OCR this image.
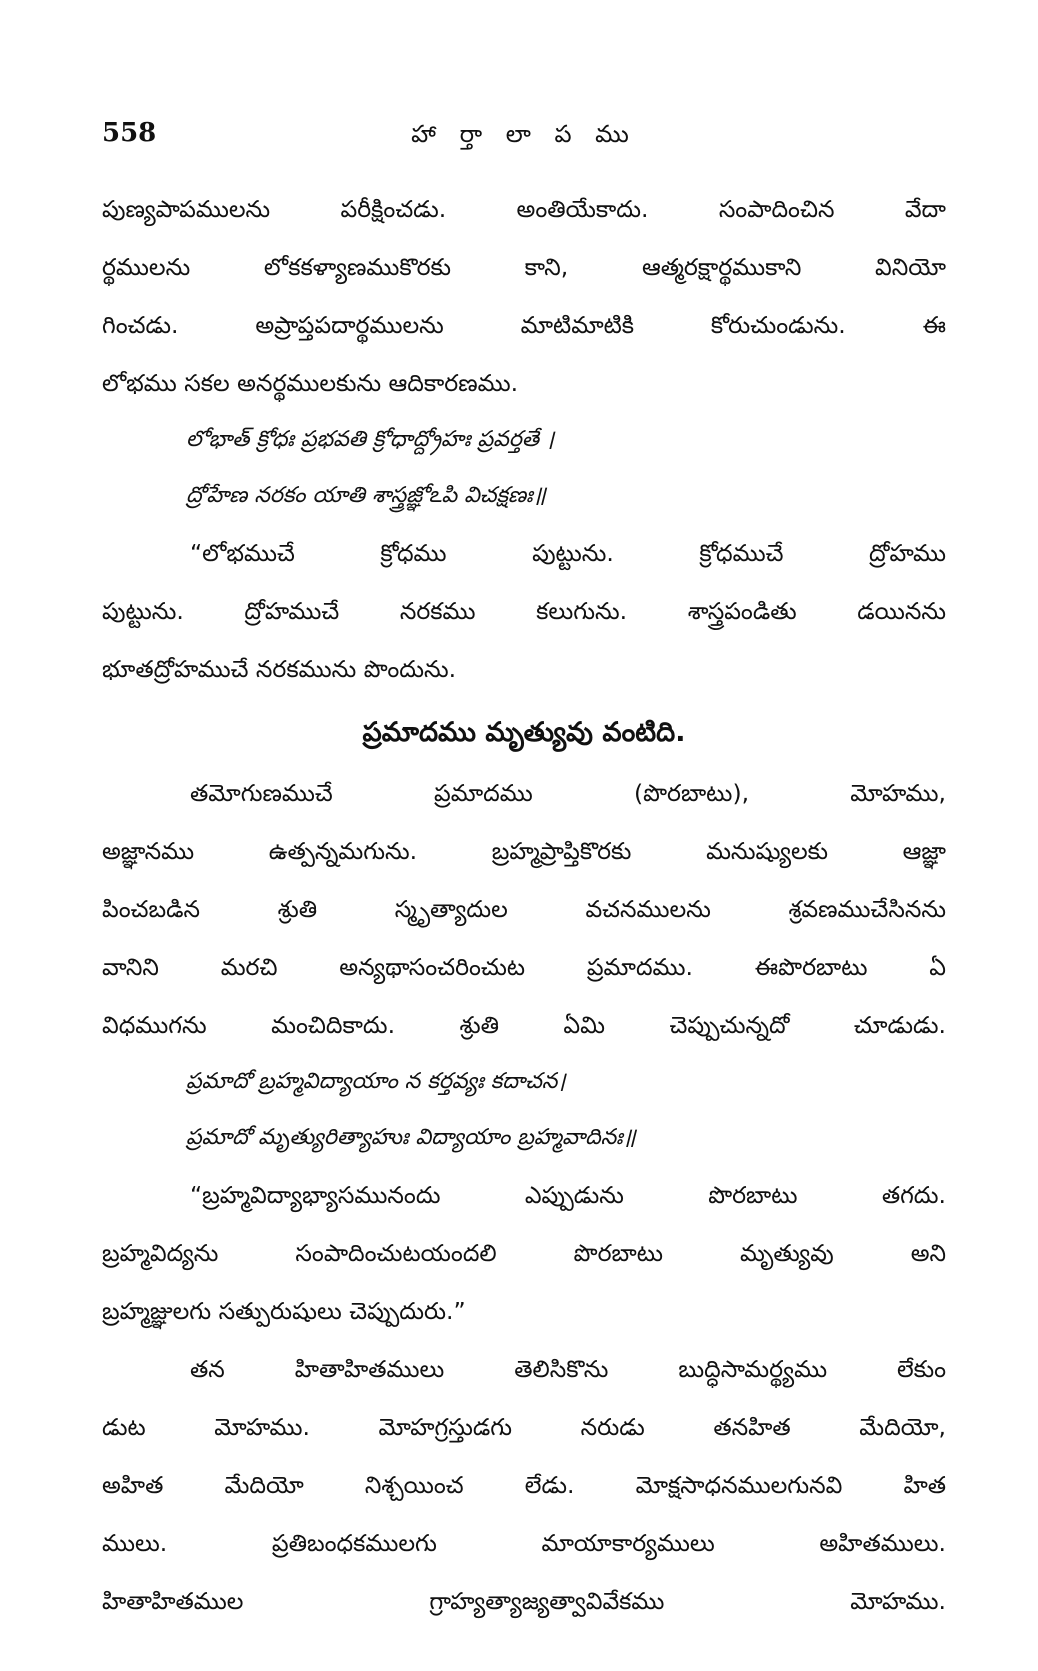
558	హా ర్తా లా ప ము

పుణ్యపాపములను పరీక్షించడు. అంతియేకాదు. సంపాదించిన వేదా
ర్థములను లోకకళ్యాణముకొరకు కాని, ఆత్మరక్షార్థముకాని వినియో
గించడు. అప్రాప్తపదార్థములను మాటిమాటికి కోరుచుండును. ఈ
లోభము సకల అనర్థములకును ఆదికారణము.

లోభాత్ క్రోధః ప్రభవతి క్రోధాద్ద్రోహః ప్రవర్తతే ।
ద్రోహేణ నరకం యాతి శాస్త్రజ్ఞోఽపి విచక్షణః॥

“లోభముచే క్రోధము పుట్టును. క్రోధముచే ద్రోహము
పుట్టును. ద్రోహముచే నరకము కలుగును. శాస్త్రపండితు డయినను
భూతద్రోహముచే నరకమును పొందును.

ప్రమాదము మృత్యువు వంటిది.

తమోగుణముచే ప్రమాదము (పొరబాటు), మోహము,
అజ్ఞానము ఉత్పన్నమగును. బ్రహ్మప్రాప్తికొరకు మనుష్యులకు ఆజ్ఞా
పించబడిన శ్రుతి స్మృత్యాదుల వచనములను శ్రవణముచేసినను
వానిని మరచి అన్యథాసంచరించుట ప్రమాదము. ఈపొరబాటు ఏ
విధముగను మంచిదికాదు. శ్రుతి ఏమి చెప్పుచున్నదో చూడుడు.

ప్రమాదో బ్రహ్మవిద్యాయాం న కర్తవ్యః కదాచన।
ప్రమాదో మృత్యురిత్యాహుః విద్యాయాం బ్రహ్మవాదినః॥

“బ్రహ్మవిద్యాభ్యాసమునందు ఎప్పుడును పొరబాటు తగదు.
బ్రహ్మవిద్యను సంపాదించుటయందలి పొరబాటు మృత్యువు అని
బ్రహ్మజ్ఞులగు సత్పురుషులు చెప్పుదురు.”

తన హితాహితములు తెలిసికొను బుద్ధిసామర్థ్యము లేకుం
డుట మోహము. మోహగ్రస్తుడగు నరుడు తనహిత మేదియో,
అహిత మేదియో నిశ్చయించ లేడు. మోక్షసాధనములగునవి హిత
ములు. ప్రతిబంధకములగు మాయాకార్యములు అహితములు.
హితాహితముల గ్రాహ్యత్యాజ్యత్వావివేకము మోహము.
